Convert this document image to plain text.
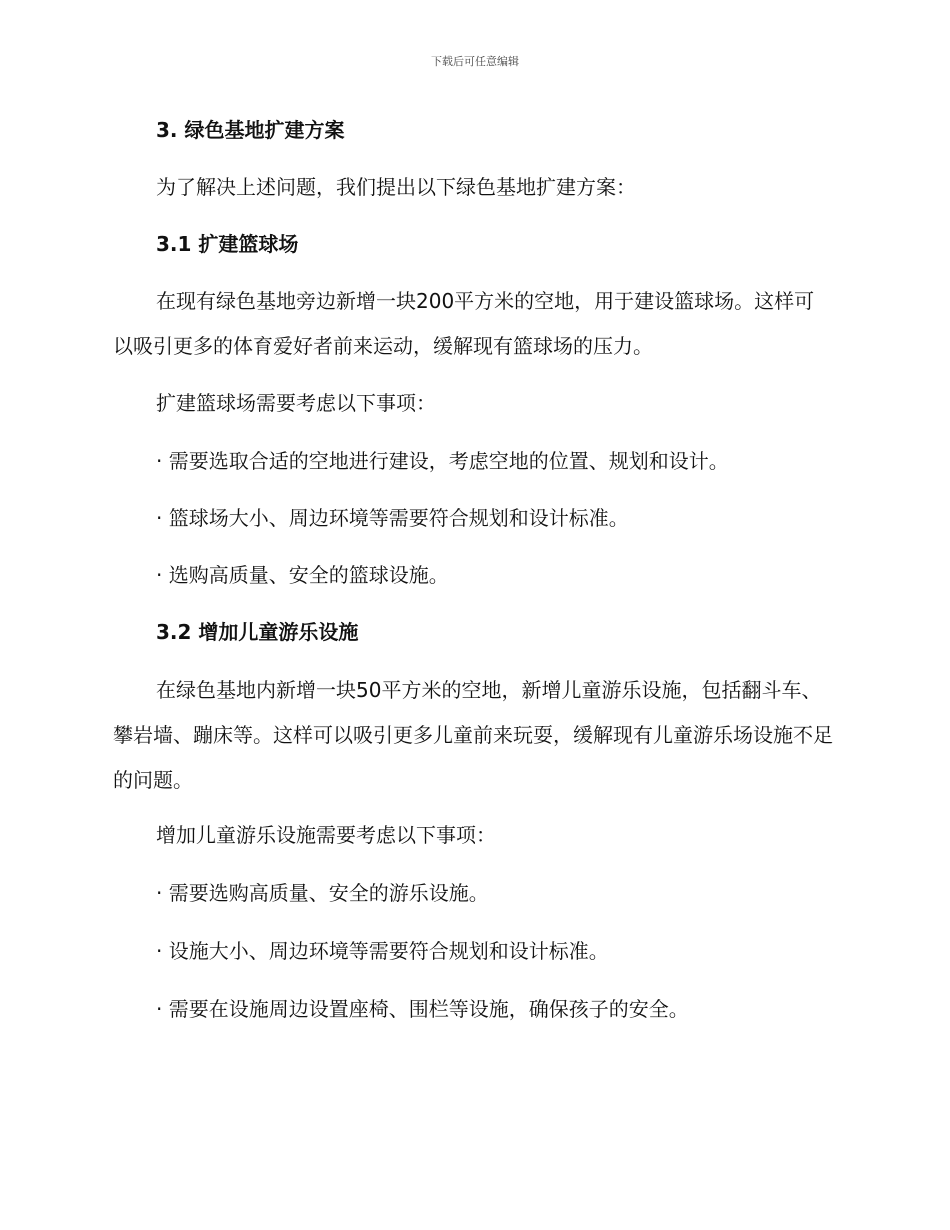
下载后可任意编辑
3. 绿色基地扩建方案

为了解决上述问题，我们提出以下绿色基地扩建方案：

3.1 扩建篮球场

在现有绿色基地旁边新增一块200平方米的空地，用于建设篮球场。这样可以吸引更多的体育爱好者前来运动，缓解现有篮球场的压力。

扩建篮球场需要考虑以下事项：

· 需要选取合适的空地进行建设，考虑空地的位置、规划和设计。

· 篮球场大小、周边环境等需要符合规划和设计标准。

· 选购高质量、安全的篮球设施。

3.2 增加儿童游乐设施

在绿色基地内新增一块50平方米的空地，新增儿童游乐设施，包括翻斗车、攀岩墙、蹦床等。这样可以吸引更多儿童前来玩耍，缓解现有儿童游乐场设施不足的问题。

增加儿童游乐设施需要考虑以下事项：

· 需要选购高质量、安全的游乐设施。

· 设施大小、周边环境等需要符合规划和设计标准。

· 需要在设施周边设置座椅、围栏等设施，确保孩子的安全。
